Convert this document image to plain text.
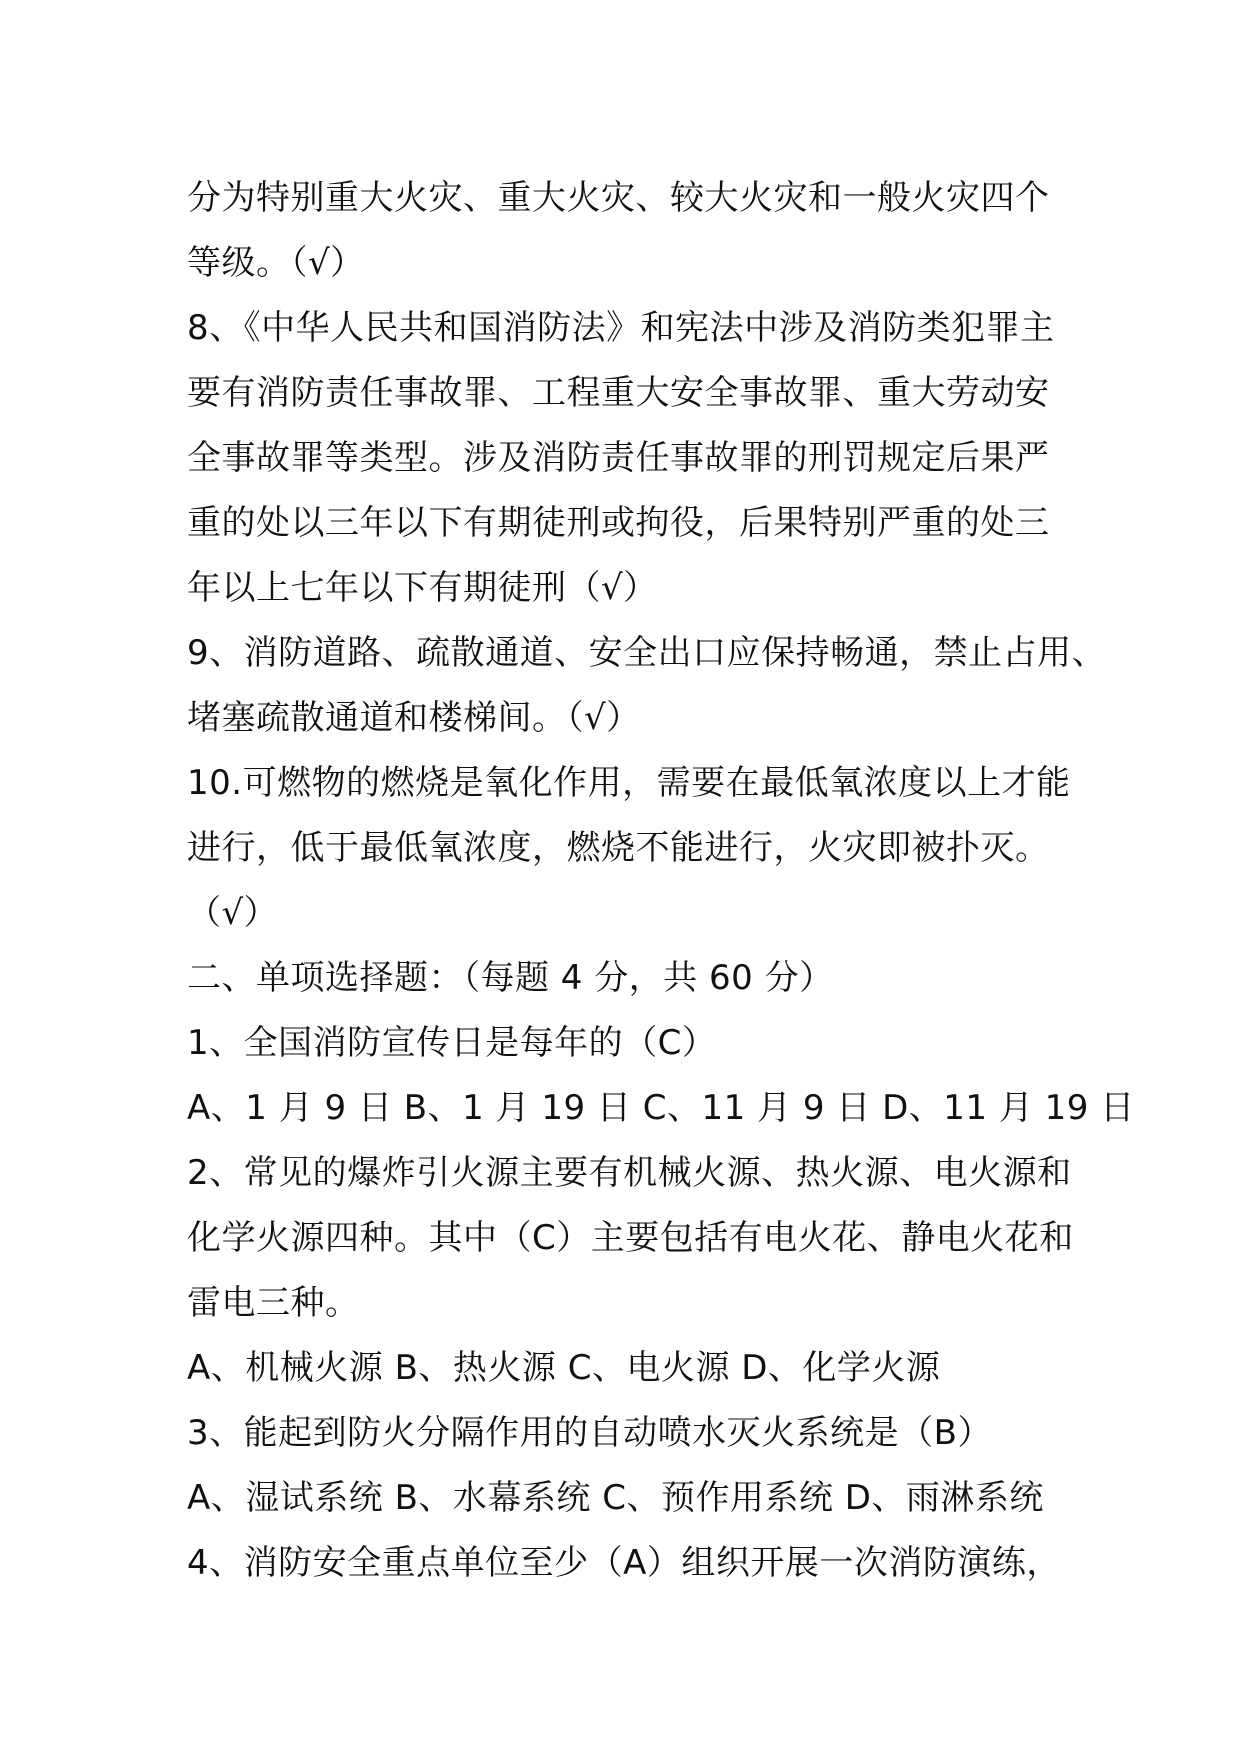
分为特别重大火灾、重大火灾、较大火灾和一般火灾四个
等级。（√）
8、《中华人民共和国消防法》和宪法中涉及消防类犯罪主
要有消防责任事故罪、工程重大安全事故罪、重大劳动安
全事故罪等类型。涉及消防责任事故罪的刑罚规定后果严
重的处以三年以下有期徒刑或拘役，后果特别严重的处三
年以上七年以下有期徒刑（√）
9、消防道路、疏散通道、安全出口应保持畅通，禁止占用、
堵塞疏散通道和楼梯间。（√）
10.可燃物的燃烧是氧化作用，需要在最低氧浓度以上才能
进行，低于最低氧浓度，燃烧不能进行，火灾即被扑灭。
（√）
二、单项选择题：（每题 4 分，共 60 分）
1、全国消防宣传日是每年的（C）
A、1 月 9 日 B、1 月 19 日 C、11 月 9 日 D、11 月 19 日
2、常见的爆炸引火源主要有机械火源、热火源、电火源和
化学火源四种。其中（C）主要包括有电火花、静电火花和
雷电三种。
A、机械火源 B、热火源 C、电火源 D、化学火源
3、能起到防火分隔作用的自动喷水灭火系统是（B）
A、湿试系统 B、水幕系统 C、预作用系统 D、雨淋系统
4、消防安全重点单位至少（A）组织开展一次消防演练，
